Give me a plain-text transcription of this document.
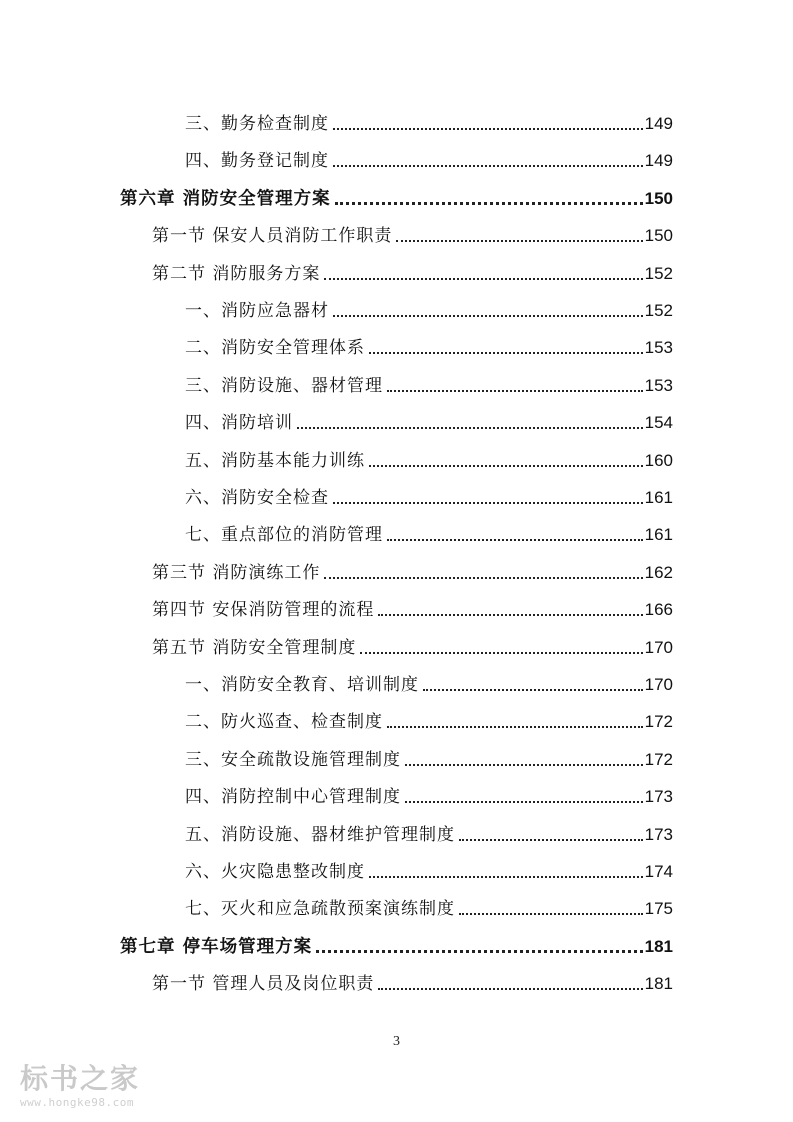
三、勤务检查制度	149
四、勤务登记制度	149
第六章 消防安全管理方案	150
第一节 保安人员消防工作职责	150
第二节 消防服务方案	152
一、消防应急器材	152
二、消防安全管理体系	153
三、消防设施、器材管理	153
四、消防培训	154
五、消防基本能力训练	160
六、消防安全检查	161
七、重点部位的消防管理	161
第三节 消防演练工作	162
第四节 安保消防管理的流程	166
第五节 消防安全管理制度	170
一、消防安全教育、培训制度	170
二、防火巡查、检查制度	172
三、安全疏散设施管理制度	172
四、消防控制中心管理制度	173
五、消防设施、器材维护管理制度	173
六、火灾隐患整改制度	174
七、灭火和应急疏散预案演练制度	175
第七章 停车场管理方案	181
第一节 管理人员及岗位职责	181
3
标书之家
www.hongke98.com
